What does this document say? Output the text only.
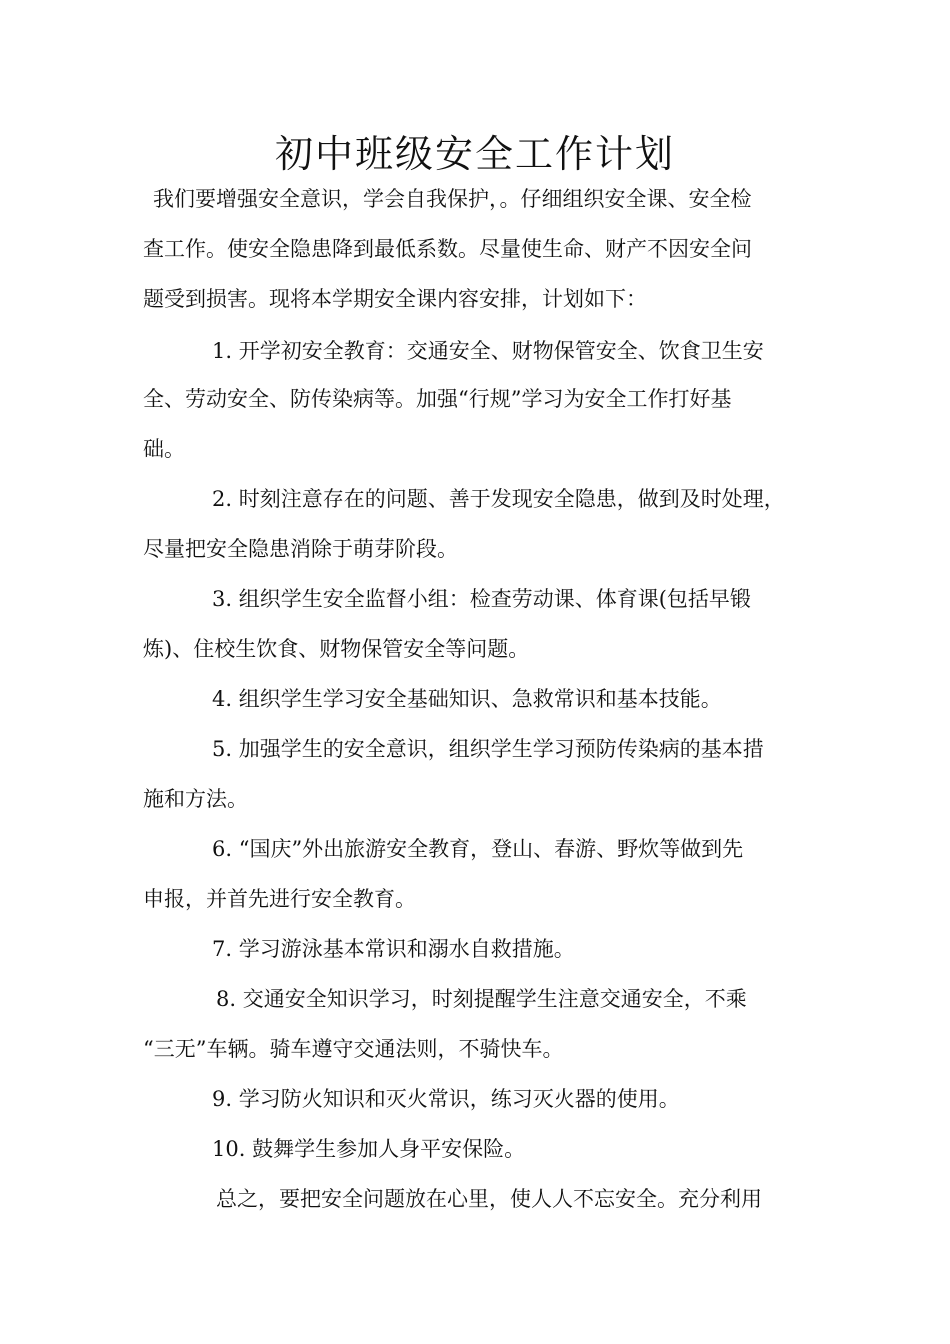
初中班级安全工作计划

我们要增强安全意识，学会自我保护，。仔细组织安全课、安全检

查工作。使安全隐患降到最低系数。尽量使生命、财产不因安全问

题受到损害。现将本学期安全课内容安排，计划如下：

1. 开学初安全教育：交通安全、财物保管安全、饮食卫生安

全、劳动安全、防传染病等。加强“行规”学习为安全工作打好基

础。

2. 时刻注意存在的问题、善于发现安全隐患，做到及时处理，

尽量把安全隐患消除于萌芽阶段。

3. 组织学生安全监督小组：检查劳动课、体育课(包括早锻

炼)、住校生饮食、财物保管安全等问题。

4. 组织学生学习安全基础知识、急救常识和基本技能。

5. 加强学生的安全意识，组织学生学习预防传染病的基本措

施和方法。

6. “国庆”外出旅游安全教育，登山、春游、野炊等做到先

申报，并首先进行安全教育。

7. 学习游泳基本常识和溺水自救措施。

8. 交通安全知识学习，时刻提醒学生注意交通安全，不乘

“三无”车辆。骑车遵守交通法则，不骑快车。

9. 学习防火知识和灭火常识，练习灭火器的使用。

10. 鼓舞学生参加人身平安保险。

总之，要把安全问题放在心里，使人人不忘安全。充分利用
